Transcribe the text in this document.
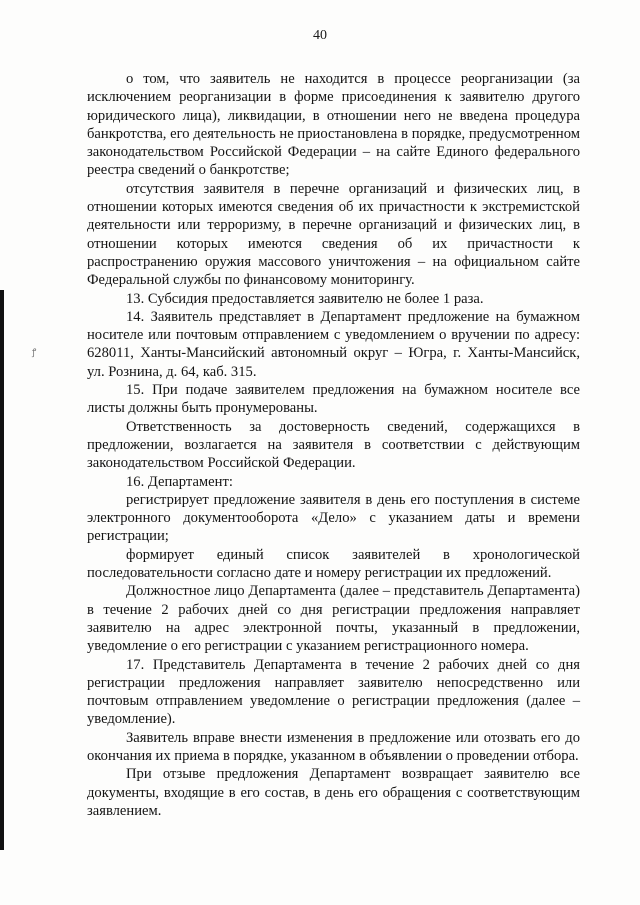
ꝭ
40

о том, что заявитель не находится в процессе реорганизации (за исключением реорганизации в форме присоединения к заявителю другого юридического лица), ликвидации, в отношении него не введена процедура банкротства, его деятельность не приостановлена в порядке, предусмотренном законодательством Российской Федерации – на сайте Единого федерального реестра сведений о банкротстве;

отсутствия заявителя в перечне организаций и физических лиц, в отношении которых имеются сведения об их причастности к экстремистской деятельности или терроризму, в перечне организаций и физических лиц, в отношении которых имеются сведения об их причастности к распространению оружия массового уничтожения – на официальном сайте Федеральной службы по финансовому мониторингу.

13. Субсидия предоставляется заявителю не более 1 раза.

14. Заявитель представляет в Департамент предложение на бумажном носителе или почтовым отправлением с уведомлением о вручении по адресу: 628011, Ханты-Мансийский автономный округ – Югра, г. Ханты-Мансийск, ул. Рознина, д. 64, каб. 315.

15. При подаче заявителем предложения на бумажном носителе все листы должны быть пронумерованы.

Ответственность за достоверность сведений, содержащихся в предложении, возлагается на заявителя в соответствии с действующим законодательством Российской Федерации.

16. Департамент:

регистрирует предложение заявителя в день его поступления в системе электронного документооборота «Дело» с указанием даты и времени регистрации;

формирует единый список заявителей в хронологической последовательности согласно дате и номеру регистрации их предложений.

Должностное лицо Департамента (далее – представитель Департамента) в течение 2 рабочих дней со дня регистрации предложения направляет заявителю на адрес электронной почты, указанный в предложении, уведомление о его регистрации с указанием регистрационного номера.

17. Представитель Департамента в течение 2 рабочих дней со дня регистрации предложения направляет заявителю непосредственно или почтовым отправлением уведомление о регистрации предложения (далее – уведомление).

Заявитель вправе внести изменения в предложение или отозвать его до окончания их приема в порядке, указанном в объявлении о проведении отбора.

При отзыве предложения Департамент возвращает заявителю все документы, входящие в его состав, в день его обращения с соответствующим заявлением.
